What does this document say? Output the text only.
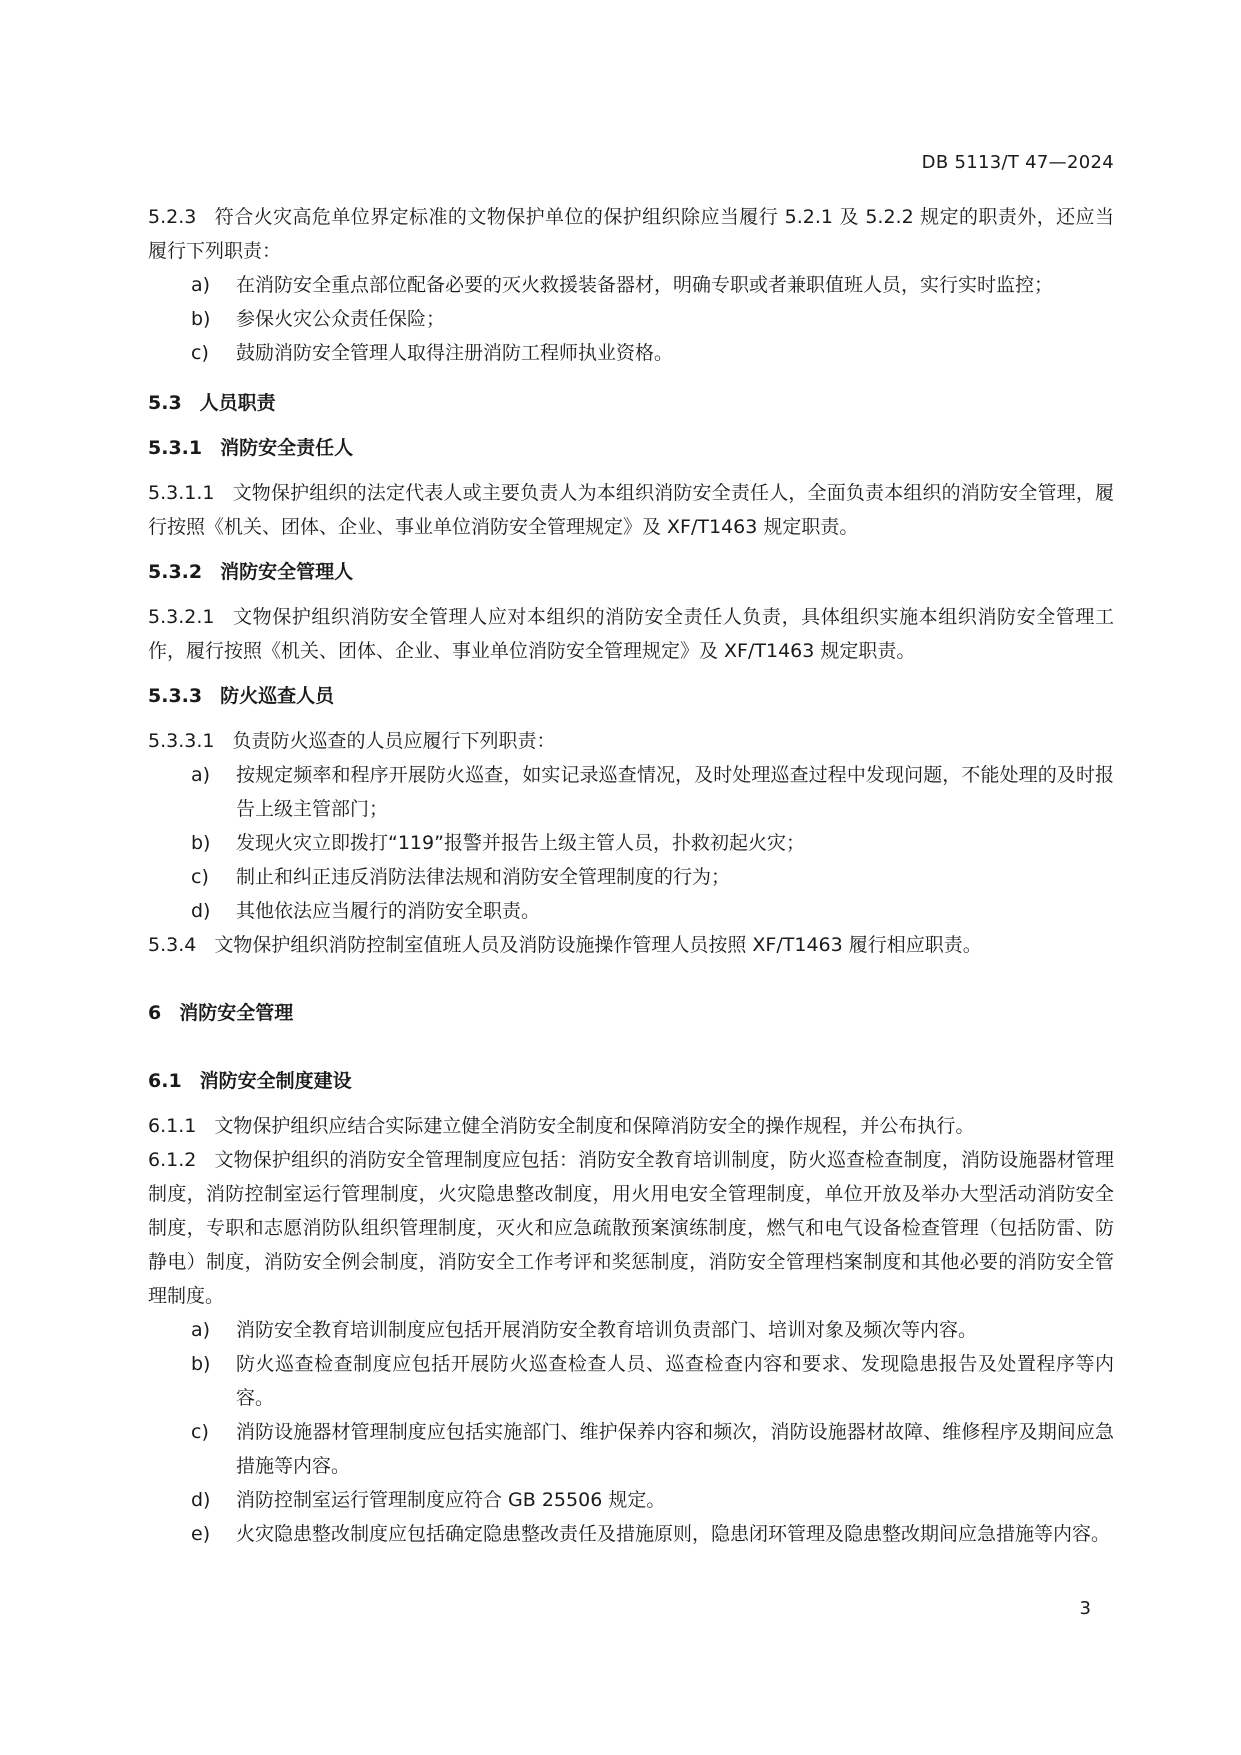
DB 5113/T 47—2024

5.2.3 符合火灾高危单位界定标准的文物保护单位的保护组织除应当履行 5.2.1 及 5.2.2 规定的职责外，还应当履行下列职责：

a) 在消防安全重点部位配备必要的灭火救援装备器材，明确专职或者兼职值班人员，实行实时监控；

b) 参保火灾公众责任保险；

c) 鼓励消防安全管理人取得注册消防工程师执业资格。

5.3 人员职责

5.3.1 消防安全责任人

5.3.1.1 文物保护组织的法定代表人或主要负责人为本组织消防安全责任人，全面负责本组织的消防安全管理，履行按照《机关、团体、企业、事业单位消防安全管理规定》及 XF/T1463 规定职责。

5.3.2 消防安全管理人

5.3.2.1 文物保护组织消防安全管理人应对本组织的消防安全责任人负责，具体组织实施本组织消防安全管理工作，履行按照《机关、团体、企业、事业单位消防安全管理规定》及 XF/T1463 规定职责。

5.3.3 防火巡查人员

5.3.3.1 负责防火巡查的人员应履行下列职责：

a) 按规定频率和程序开展防火巡查，如实记录巡查情况，及时处理巡查过程中发现问题，不能处理的及时报告上级主管部门；

b) 发现火灾立即拨打“119”报警并报告上级主管人员，扑救初起火灾；

c) 制止和纠正违反消防法律法规和消防安全管理制度的行为；

d) 其他依法应当履行的消防安全职责。

5.3.4 文物保护组织消防控制室值班人员及消防设施操作管理人员按照 XF/T1463 履行相应职责。

6 消防安全管理

6.1 消防安全制度建设

6.1.1 文物保护组织应结合实际建立健全消防安全制度和保障消防安全的操作规程，并公布执行。

6.1.2 文物保护组织的消防安全管理制度应包括：消防安全教育培训制度，防火巡查检查制度，消防设施器材管理制度，消防控制室运行管理制度，火灾隐患整改制度，用火用电安全管理制度，单位开放及举办大型活动消防安全制度，专职和志愿消防队组织管理制度，灭火和应急疏散预案演练制度，燃气和电气设备检查管理（包括防雷、防静电）制度，消防安全例会制度，消防安全工作考评和奖惩制度，消防安全管理档案制度和其他必要的消防安全管理制度。

a) 消防安全教育培训制度应包括开展消防安全教育培训负责部门、培训对象及频次等内容。

b) 防火巡查检查制度应包括开展防火巡查检查人员、巡查检查内容和要求、发现隐患报告及处置程序等内容。

c) 消防设施器材管理制度应包括实施部门、维护保养内容和频次，消防设施器材故障、维修程序及期间应急措施等内容。

d) 消防控制室运行管理制度应符合 GB 25506 规定。

e) 火灾隐患整改制度应包括确定隐患整改责任及措施原则，隐患闭环管理及隐患整改期间应急措施等内容。

3
